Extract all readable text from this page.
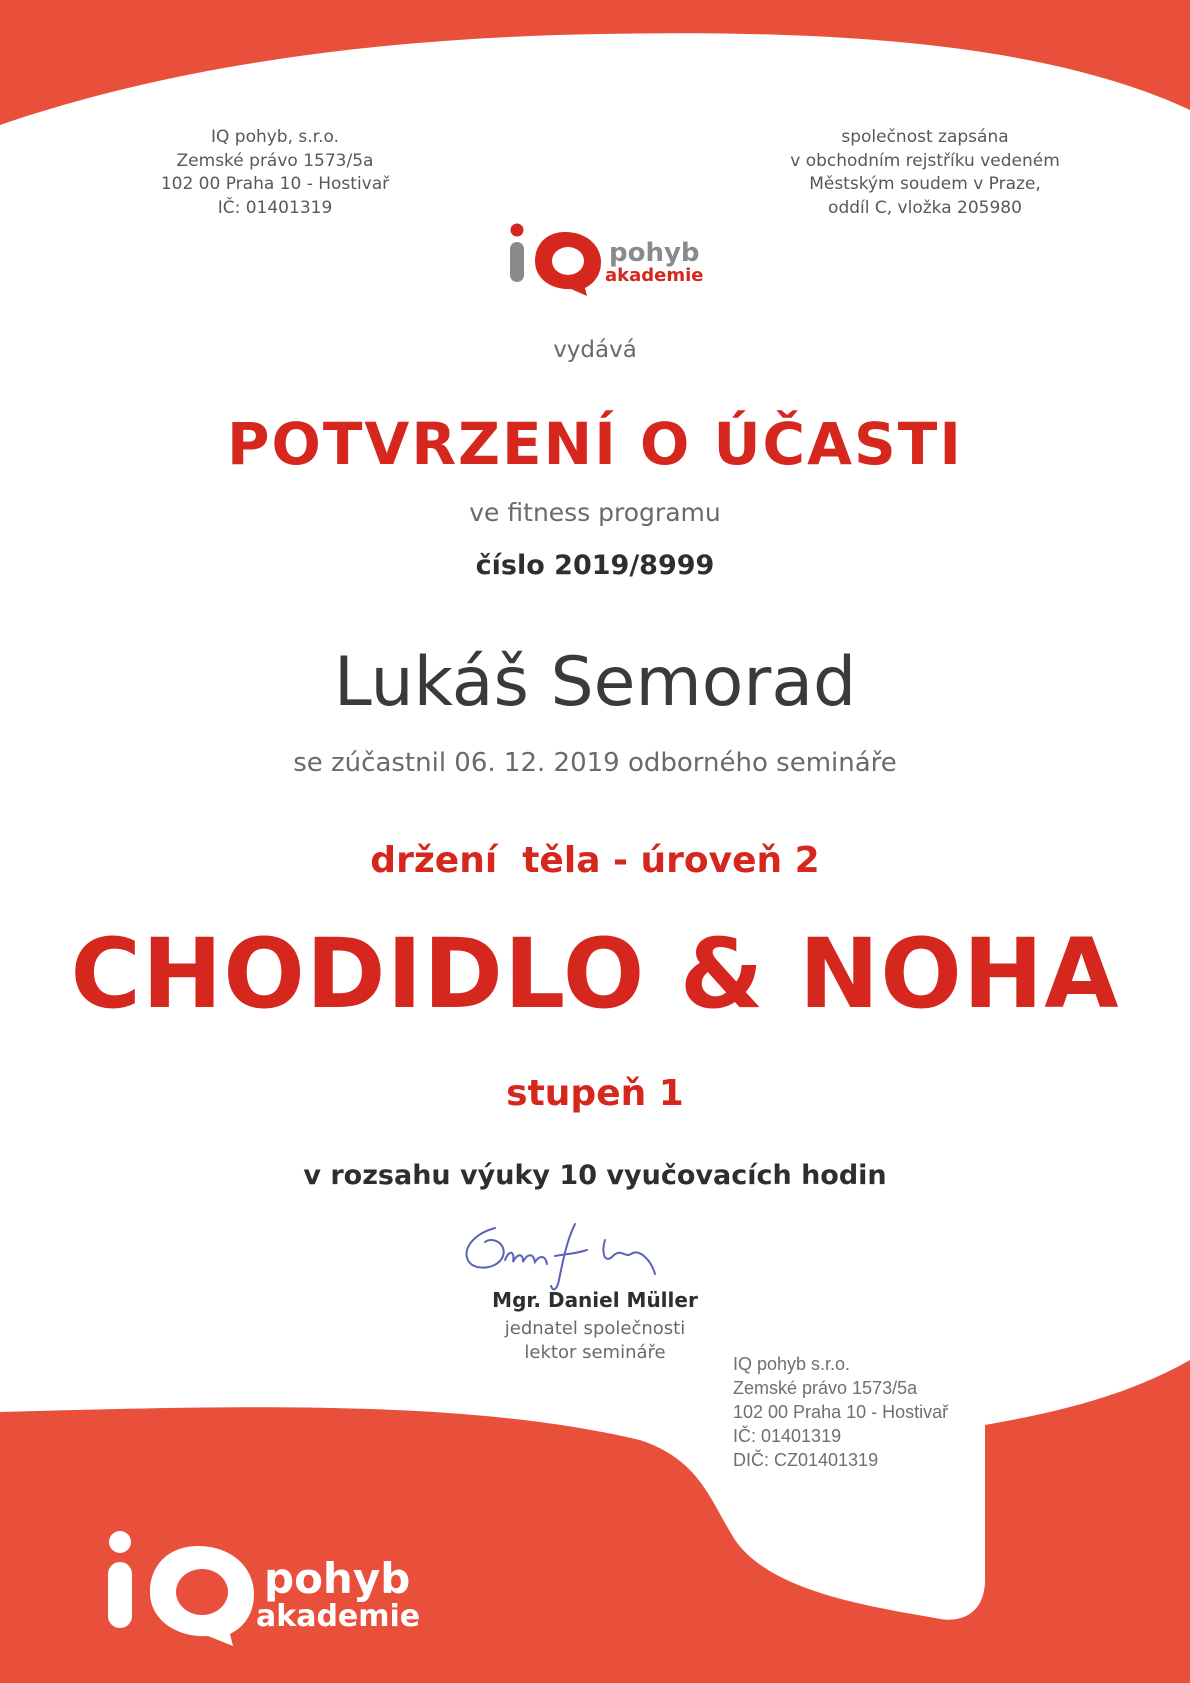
IQ pohyb, s.r.o.
Zemské právo 1573/5a
102 00 Praha 10 - Hostivař
IČ: 01401319
společnost zapsána
v obchodním rejstříku vedeném
Městským soudem v Praze,
oddíl C, vložka 205980
pohyb
akademie
vydává
POTVRZENÍ O ÚČASTI
ve fitness programu
číslo 2019/8999
Lukáš Semorad
se zúčastnil 06. 12. 2019 odborného semináře
držení  těla - úroveň 2
CHODIDLO & NOHA
stupeň 1
v rozsahu výuky 10 vyučovacích hodin
Mgr. Daniel Müller
jednatel společnosti
lektor semináře
IQ pohyb s.r.o.
Zemské právo 1573/5a
102 00 Praha 10 - Hostivař
IČ: 01401319
DIČ: CZ01401319
pohyb
akademie
